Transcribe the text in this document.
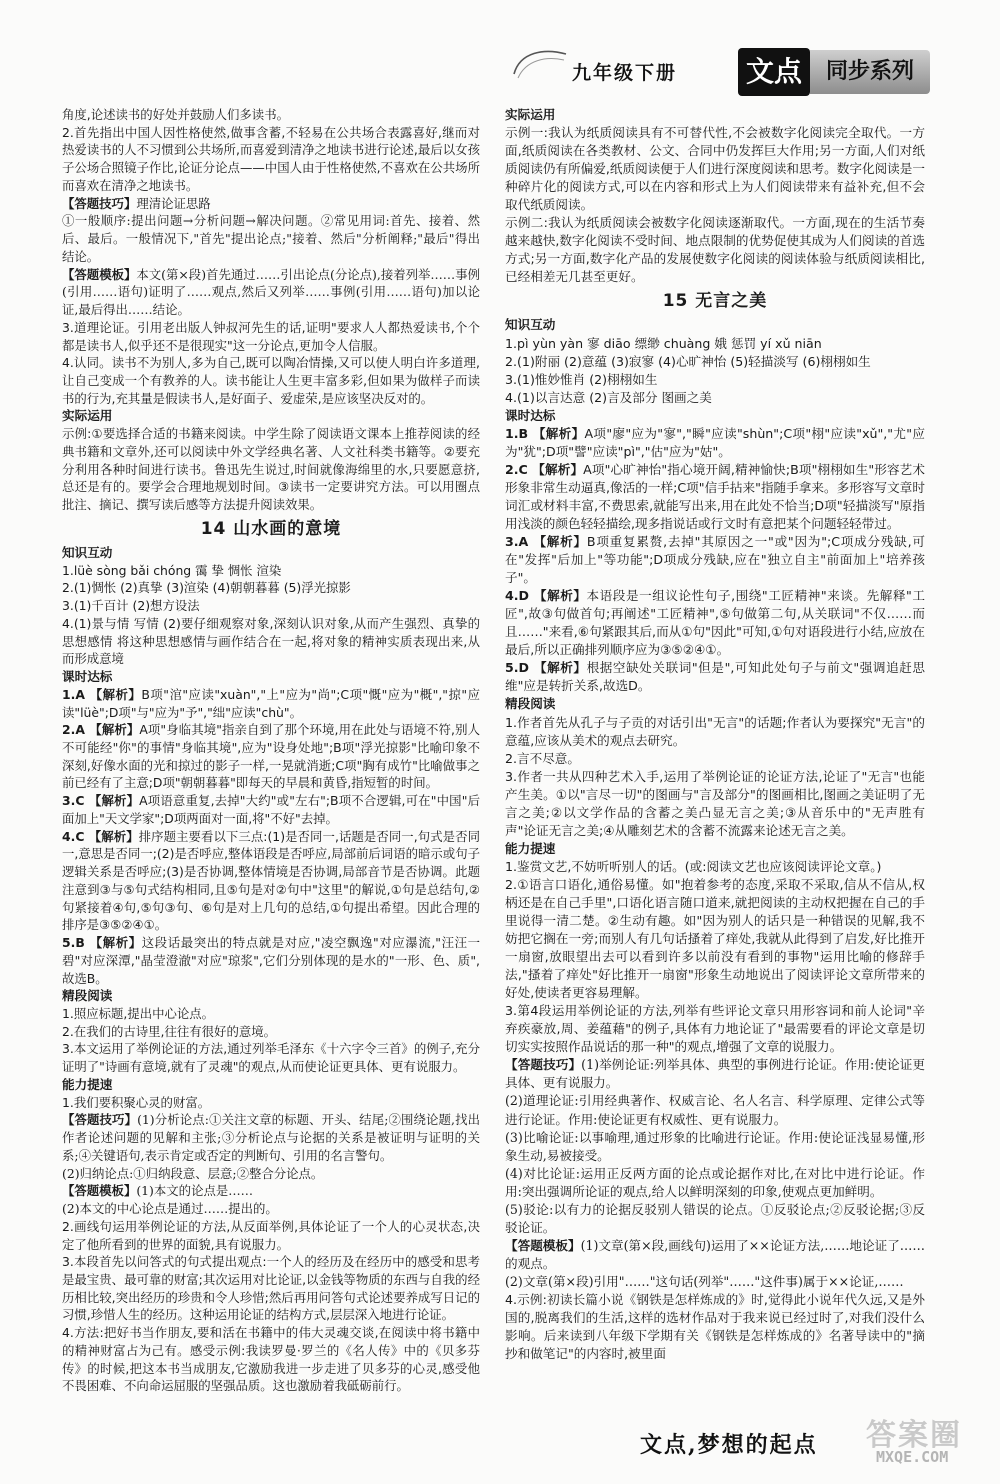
九年级下册 文点	同步系列

角度,论述读书的好处并鼓励人们多读书。

2.首先指出中国人因性格使然,做事含蓄,不轻易在公共场合表露喜好,继而对热爱读书的人不习惯到公共场所,而喜爱到清净之地读书进行论述,最后以女孩子公场合照镜子作比,论证分论点——中国人由于性格使然,不喜欢在公共场所而喜欢在清净之地读书。

【答题技巧】理清论证思路

①一般顺序:提出问题→分析问题→解决问题。②常见用词:首先、接着、然后、最后。一般情况下,"首先"提出论点;"接着、然后"分析阐释;"最后"得出结论。

【答题模板】本文(第×段)首先通过……引出论点(分论点),接着列举……事例(引用……语句)证明了……观点,然后又列举……事例(引用……语句)加以论证,最后得出……结论。

3.道理论证。引用老出版人钟叔河先生的话,证明"要求人人都热爱读书,个个都是读书人,似乎还不是很现实"这一分论点,更加令人信服。

4.认同。读书不为别人,多为自己,既可以陶冶情操,又可以使人明白许多道理,让自己变成一个有教养的人。读书能让人生更丰富多彩,但如果为做样子而读书的行为,充其量是假读书人,是好面子、爱虚荣,是应该坚决反对的。

实际运用

示例:①要选择合适的书籍来阅读。中学生除了阅读语文课本上推荐阅读的经典书籍和文章外,还可以阅读中外文学经典名著、人文社科类书籍等。②要充分利用各种时间进行读书。鲁迅先生说过,时间就像海绵里的水,只要愿意挤,总还是有的。要学会合理地规划时间。③读书一定要讲究方法。可以用圈点批注、摘记、撰写读后感等方法提升阅读效果。

14 山水画的意境

知识互动

1.lüè sòng bǎi chóng 霭 挚 惆怅 渲染

2.(1)惆怅 (2)真挚 (3)渲染 (4)朝朝暮暮 (5)浮光掠影

3.(1)千百计 (2)想方设法

4.(1)景与情 写情 (2)要仔细观察对象,深刻认识对象,从而产生强烈、真挚的思想感情 将这种思想感情与画作结合在一起,将对象的精神实质表现出来,从而形成意境

课时达标

1.A 【解析】B项"涫"应读"xuàn","上"应为"尚";C项"慨"应为"概","掠"应读"lüè";D项"与"应为"予","绌"应读"chù"。

2.A 【解析】A项"身临其境"指亲自到了那个环境,用在此处与语境不符,别人不可能经"你"的事情"身临其境",应为"设身处地";B项"浮光掠影"比喻印象不深刻,好像水面的光和掠过的影子一样,一晃就消逝;C项"胸有成竹"比喻做事之前已经有了主意;D项"朝朝暮暮"即每天的早晨和黄昏,指短暂的时间。

3.C 【解析】A项语意重复,去掉"大约"或"左右";B项不合逻辑,可在"中国"后面加上"天文学家";D项两面对一面,将"不好"去掉。

4.C 【解析】排序题主要看以下三点:(1)是否同一,话题是否同一,句式是否同一,意思是否同一;(2)是否呼应,整体语段是否呼应,局部前后词语的暗示或句子逻辑关系是否呼应;(3)是否协调,整体情境是否协调,局部音节是否协调。此题注意到③与⑤句式结构相同,且⑤句是对②句中"这里"的解说,①句是总结句,②句紧接着④句,⑤句③句、⑥句是对上几句的总结,①句提出希望。因此合理的排序是③⑤②④①。

5.B 【解析】这段话最突出的特点就是对应,"凌空飘逸"对应瀑流,"汪汪一碧"对应深潭,"晶莹澄澈"对应"琼浆",它们分别体现的是水的"一形、色、质",故选B。

精段阅读

1.照应标题,提出中心论点。

2.在我们的古诗里,往往有很好的意境。

3.本文运用了举例论证的方法,通过列举毛泽东《十六字令三首》的例子,充分证明了"诗画有意境,就有了灵魂"的观点,从而使论证更具体、更有说服力。

能力提速

1.我们要积聚心灵的财富。

【答题技巧】(1)分析论点:①关注文章的标题、开头、结尾;②围绕论题,找出作者论述问题的见解和主张;③分析论点与论据的关系是被证明与证明的关系;④关键语句,表示肯定或否定的判断句、引用的名言警句。

(2)归纳论点:①归纳段意、层意;②整合分论点。

【答题模板】(1)本文的论点是……

(2)本文的中心论点是通过……提出的。

2.画线句运用举例论证的方法,从反面举例,具体论证了一个人的心灵状态,决定了他所看到的世界的面貌,具有说服力。

3.本段首先以问答式的句式提出观点:一个人的经历及在经历中的感受和思考是最宝贵、最可靠的财富;其次运用对比论证,以金钱等物质的东西与自我的经历相比较,突出经历的珍贵和令人珍惜;然后再用问答句式论述要养成写日记的习惯,珍惜人生的经历。这种运用论证的结构方式,层层深入地进行论证。

4.方法:把好书当作朋友,要和活在书籍中的伟大灵魂交谈,在阅读中将书籍中的精神财富占为己有。感受示例:我读罗曼·罗兰的《名人传》中的《贝多芬传》的时候,把这本书当成朋友,它激励我进一步走进了贝多芬的心灵,感受他不畏困难、不向命运屈服的坚强品质。这也激励着我砥砺前行。

实际运用

示例一:我认为纸质阅读具有不可替代性,不会被数字化阅读完全取代。一方面,纸质阅读在各类教材、公文、合同中仍发挥巨大作用;另一方面,人们对纸质阅读仍有所偏爱,纸质阅读便于人们进行深度阅读和思考。数字化阅读是一种碎片化的阅读方式,可以在内容和形式上为人们阅读带来有益补充,但不会取代纸质阅读。

示例二:我认为纸质阅读会被数字化阅读逐渐取代。一方面,现在的生活节奏越来越快,数字化阅读不受时间、地点限制的优势促使其成为人们阅读的首选方式;另一方面,数字化产品的发展使数字化阅读的阅读体验与纸质阅读相比,已经相差无几甚至更好。

15 无言之美

知识互动

1.pì yùn yàn 寥 diāo 缥缈 chuàng 娥 惩罚 yí xǔ niān

2.(1)附丽 (2)意蕴 (3)寂寥 (4)心旷神怡 (5)轻描淡写 (6)栩栩如生

3.(1)惟妙惟肖 (2)栩栩如生

4.(1)以言达意 (2)言及部分 图画之美

课时达标

1.B 【解析】A项"廖"应为"寥","瞬"应读"shùn";C项"栩"应读"xǔ","尤"应为"犹";D项"譬"应读"pì","估"应为"姑"。

2.C 【解析】A项"心旷神怡"指心境开阔,精神愉快;B项"栩栩如生"形容艺术形象非常生动逼真,像活的一样;C项"信手拈来"指随手拿来。多形容写文章时词汇或材料丰富,不费思索,就能写出来,用在此处不恰当;D项"轻描淡写"原指用浅淡的颜色轻轻描绘,现多指说话或行文时有意把某个问题轻轻带过。

3.A 【解析】B项重复累赘,去掉"其原因之一"或"因为";C项成分残缺,可在"发挥"后加上"等功能";D项成分残缺,应在"独立自主"前面加上"培养孩子"。

4.D 【解析】本语段是一组议论性句子,围绕"工匠精神"来谈。先解释"工匠",故③句做首句;再阐述"工匠精神",⑤句做第二句,从关联词"不仅……而且……"来看,⑥句紧跟其后,而从①句"因此"可知,①句对语段进行小结,应放在最后,所以正确排列顺序应为③⑤②④①。

5.D 【解析】根据空缺处关联词"但是",可知此处句子与前文"强调追赶思维"应是转折关系,故选D。

精段阅读

1.作者首先从孔子与子贡的对话引出"无言"的话题;作者认为要探究"无言"的意蕴,应该从美术的观点去研究。

2.言不尽意。

3.作者一共从四种艺术入手,运用了举例论证的论证方法,论证了"无言"也能产生美。①以"言尽一切"的图画与"言及部分"的图画相比,图画之美证明了无言之美;②以文学作品的含蓄之美凸显无言之美;③从音乐中的"无声胜有声"论证无言之美;④从雕刻艺术的含蓄不流露来论述无言之美。

能力提速

1.鉴赏文艺,不妨听听别人的话。(或:阅读文艺也应该阅读评论文章。)

2.①语言口语化,通俗易懂。如"抱着参考的态度,采取不采取,信从不信从,权柄还是在自己手里",口语化语言随口道来,就把阅读的主动权把握在自己的手里说得一清二楚。②生动有趣。如"因为别人的话只是一种错误的见解,我不妨把它搁在一旁;而别人有几句话搔着了痒处,我就从此得到了启发,好比推开一扇窗,放眼望出去可以看到许多以前没有看到的事物"运用比喻的修辞手法,"搔着了痒处"好比推开一扇窗"形象生动地说出了阅读评论文章所带来的好处,使读者更容易理解。

3.第4段运用举例论证的方法,列举有些评论文章只用形容词和前人论词"辛弃疾豪放,周、姜蕴藉"的例子,具体有力地论证了"最需要看的评论文章是切切实实按照作品说话的那一种"的观点,增强了文章的说服力。

【答题技巧】(1)举例论证:列举具体、典型的事例进行论证。作用:使论证更具体、更有说服力。

(2)道理论证:引用经典著作、权威言论、名人名言、科学原理、定律公式等进行论证。作用:使论证更有权威性、更有说服力。

(3)比喻论证:以事喻理,通过形象的比喻进行论证。作用:使论证浅显易懂,形象生动,易被接受。

(4)对比论证:运用正反两方面的论点或论据作对比,在对比中进行论证。作用:突出强调所论证的观点,给人以鲜明深刻的印象,使观点更加鲜明。

(5)驳论:以有力的论据反驳别人错误的论点。①反驳论点;②反驳论据;③反驳论证。

【答题模板】(1)文章(第×段,画线句)运用了××论证方法,……地论证了……的观点。

(2)文章(第×段)引用"……"这句话(列举"……"这件事)属于××论证,……

4.示例:初读长篇小说《钢铁是怎样炼成的》时,觉得此小说年代久远,又是外国的,脱离我们的生活,这样的选材作品对于我来说已经过时了,对我们没什么影响。后来读到八年级下学期有关《钢铁是怎样炼成的》名著导读中的"摘抄和做笔记"的内容时,被里面

文点,梦想的起点 答案圈
MXQE.COM
